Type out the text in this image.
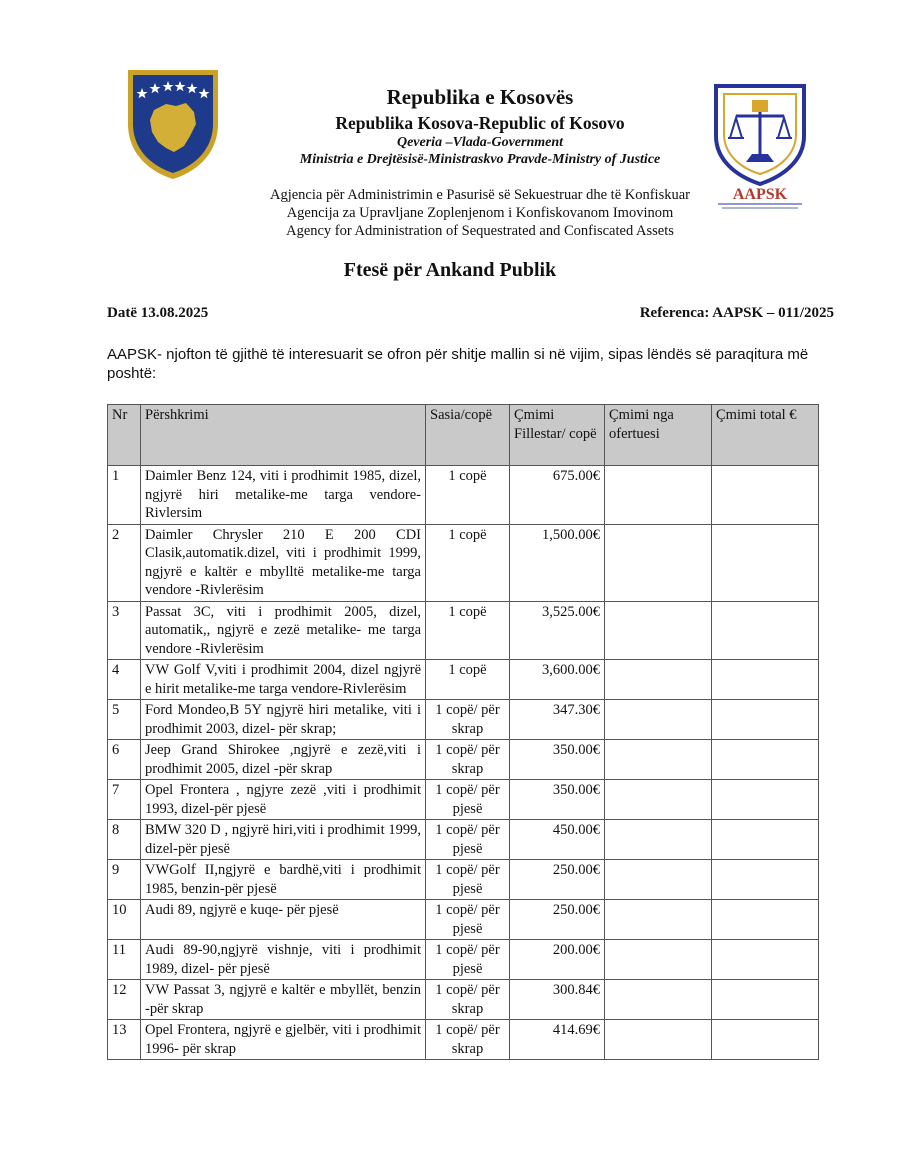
Republika e Kosovës
Republika Kosova-Republic of Kosovo
Qeveria –Vlada-Government
Ministria e Drejtësisë-Ministraskvo Pravde-Ministry of Justice
Agjencia për Administrimin e Pasurisë së Sekuestruar dhe të Konfiskuar
Agencija za Upravljane Zoplenjenom i Konfiskovanom Imovinom
Agency for Administration of Sequestrated and Confiscated Assets
AAPSK
Ftesë për Ankand Publik
Datë 13.08.2025	Referenca: AAPSK – 011/2025
AAPSK- njofton të gjithë të interesuarit se ofron për shitje mallin si në vijim, sipas lëndës së paraqitura më poshtë:
Nr	Përshkrimi	Sasia/copë	Çmimi Fillestar/ copë	Çmimi nga ofertuesi	Çmimi total €
1	Daimler Benz 124, viti i prodhimit 1985, dizel, ngjyrë hiri metalike-me targa vendore-Rivlersim	1 copë	675.00€		
2	Daimler Chrysler 210 E 200 CDI Clasik,automatik.dizel, viti i prodhimit 1999, ngjyrë e kaltër e mbylltë metalike-me targa vendore -Rivlerësim	1 copë	1,500.00€		
3	Passat 3C, viti i prodhimit 2005, dizel, automatik,, ngjyrë e zezë metalike- me targa vendore -Rivlerësim	1 copë	3,525.00€		
4	VW Golf V,viti i prodhimit 2004, dizel ngjyrë e hirit metalike-me targa vendore-Rivlerësim	1 copë	3,600.00€		
5	Ford Mondeo,B 5Y ngjyrë hiri metalike, viti i prodhimit 2003, dizel- për skrap;	1 copë/ për skrap	347.30€		
6	Jeep Grand Shirokee ,ngjyrë e zezë,viti i prodhimit 2005, dizel -për skrap	1 copë/ për skrap	350.00€		
7	Opel Frontera , ngjyre zezë ,viti i prodhimit 1993, dizel-për pjesë	1 copë/ për pjesë	350.00€		
8	BMW 320 D , ngjyrë hiri,viti i prodhimit 1999, dizel-për pjesë	1 copë/ për pjesë	450.00€		
9	VWGolf II,ngjyrë e bardhë,viti i prodhimit 1985, benzin-për pjesë	1 copë/ për pjesë	250.00€		
10	Audi 89, ngjyrë e kuqe- për pjesë	1 copë/ për pjesë	250.00€		
11	Audi 89-90,ngjyrë vishnje, viti i prodhimit 1989, dizel- për pjesë	1 copë/ për pjesë	200.00€		
12	VW Passat 3, ngjyrë e kaltër e mbyllët, benzin -për skrap	1 copë/ për skrap	300.84€		
13	Opel Frontera, ngjyrë e gjelbër, viti i prodhimit 1996- për skrap	1 copë/ për skrap	414.69€		
